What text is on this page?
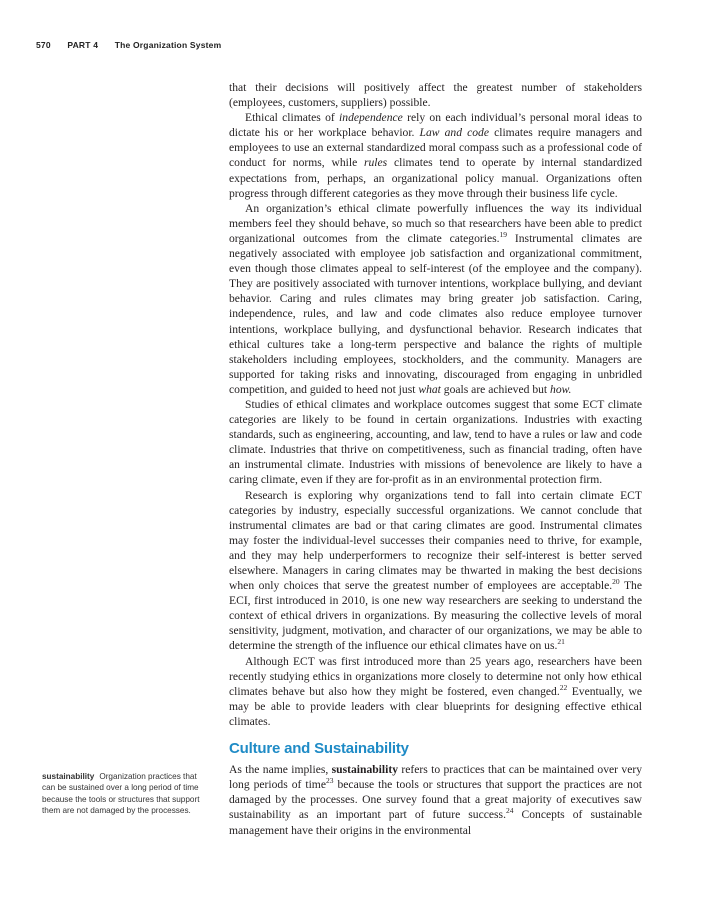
570 PART 4 The Organization System

that their decisions will positively affect the greatest number of stakeholders (employees, customers, suppliers) possible.

Ethical climates of independence rely on each individual’s personal moral ideas to dictate his or her workplace behavior. Law and code climates require managers and employees to use an external standardized moral compass such as a professional code of conduct for norms, while rules climates tend to operate by internal standardized expectations from, perhaps, an organizational policy manual. Organizations often progress through different categories as they move through their business life cycle.

An organization’s ethical climate powerfully influences the way its individual members feel they should behave, so much so that researchers have been able to predict organizational outcomes from the climate categories.$^{19}$ Instrumental climates are negatively associated with employee job satisfaction and organizational commitment, even though those climates appeal to self-interest (of the employee and the company). They are positively associated with turnover intentions, workplace bullying, and deviant behavior. Caring and rules climates may bring greater job satisfaction. Caring, independence, rules, and law and code climates also reduce employee turnover intentions, workplace bullying, and dysfunctional behavior. Research indicates that ethical cultures take a long-term perspective and balance the rights of multiple stakeholders including employees, stockholders, and the community. Managers are supported for taking risks and innovating, discouraged from engaging in unbridled competition, and guided to heed not just what goals are achieved but how.

Studies of ethical climates and workplace outcomes suggest that some ECT climate categories are likely to be found in certain organizations. Industries with exacting standards, such as engineering, accounting, and law, tend to have a rules or law and code climate. Industries that thrive on competitiveness, such as financial trading, often have an instrumental climate. Industries with missions of benevolence are likely to have a caring climate, even if they are for-profit as in an environmental protection firm.

Research is exploring why organizations tend to fall into certain climate ECT categories by industry, especially successful organizations. We cannot conclude that instrumental climates are bad or that caring climates are good. Instrumental climates may foster the individual-level successes their companies need to thrive, for example, and they may help underperformers to recognize their self-interest is better served elsewhere. Managers in caring climates may be thwarted in making the best decisions when only choices that serve the greatest number of employees are acceptable.$^{20}$ The ECI, first introduced in 2010, is one new way researchers are seeking to understand the context of ethical drivers in organizations. By measuring the collective levels of moral sensitivity, judgment, motivation, and character of our organizations, we may be able to determine the strength of the influence our ethical climates have on us.$^{21}$

Although ECT was first introduced more than 25 years ago, researchers have been recently studying ethics in organizations more closely to determine not only how ethical climates behave but also how they might be fostered, even changed.$^{22}$ Eventually, we may be able to provide leaders with clear blueprints for designing effective ethical climates.

Culture and Sustainability

As the name implies, sustainability refers to practices that can be maintained over very long periods of time$^{23}$ because the tools or structures that support the practices are not damaged by the processes. One survey found that a great majority of executives saw sustainability as an important part of future success.$^{24}$ Concepts of sustainable management have their origins in the environmental

sustainability Organization practices that can be sustained over a long period of time because the tools or structures that support them are not damaged by the processes.
